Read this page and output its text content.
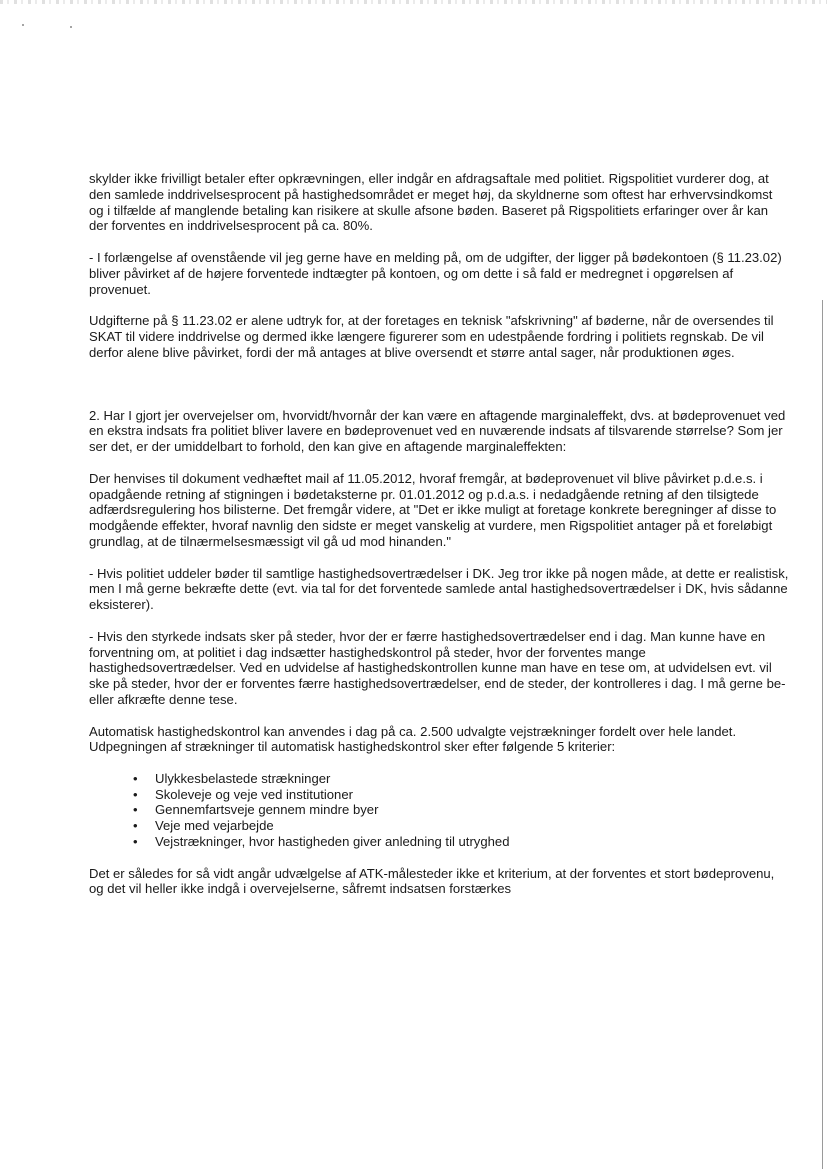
skylder ikke frivilligt betaler efter opkrævningen, eller indgår en afdragsaftale med politiet. Rigspolitiet vurderer dog, at den samlede inddrivelsesprocent på hastighedsområdet er meget høj, da skyldnerne som oftest har erhvervsindkomst og i tilfælde af manglende betaling kan risikere at skulle afsone bøden. Baseret på Rigspolitiets erfaringer over år kan der forventes en inddrivelsesprocent på ca. 80%.

- I forlængelse af ovenstående vil jeg gerne have en melding på, om de udgifter, der ligger på bødekontoen (§ 11.23.02) bliver påvirket af de højere forventede indtægter på kontoen, og om dette i så fald er medregnet i opgørelsen af provenuet.

Udgifterne på § 11.23.02 er alene udtryk for, at der foretages en teknisk "afskrivning" af bøderne, når de oversendes til SKAT til videre inddrivelse og dermed ikke længere figurerer som en udestpående fordring i politiets regnskab. De vil derfor alene blive påvirket, fordi der må antages at blive oversendt et større antal sager, når produktionen øges.

2. Har I gjort jer overvejelser om, hvorvidt/hvornår der kan være en aftagende marginaleffekt, dvs. at bødeprovenuet ved en ekstra indsats fra politiet bliver lavere en bødeprovenuet ved en nuværende indsats af tilsvarende størrelse? Som jer ser det, er der umiddelbart to forhold, den kan give en aftagende marginaleffekten:

Der henvises til dokument vedhæftet mail af 11.05.2012, hvoraf fremgår, at bødeprovenuet vil blive påvirket p.d.e.s. i opadgående retning af stigningen i bødetaksterne pr. 01.01.2012 og p.d.a.s. i nedadgående retning af den tilsigtede adfærdsregulering hos bilisterne. Det fremgår videre, at "Det er ikke muligt at foretage konkrete beregninger af disse to modgående effekter, hvoraf navnlig den sidste er meget vanskelig at vurdere, men Rigspolitiet antager på et foreløbigt grundlag, at de tilnærmelsesmæssigt vil gå ud mod hinanden."

- Hvis politiet uddeler bøder til samtlige hastighedsovertrædelser i DK. Jeg tror ikke på nogen måde, at dette er realistisk, men I må gerne bekræfte dette (evt. via tal for det forventede samlede antal hastighedsovertrædelser i DK, hvis sådanne eksisterer).

- Hvis den styrkede indsats sker på steder, hvor der er færre hastighedsovertrædelser end i dag. Man kunne have en forventning om, at politiet i dag indsætter hastighedskontrol på steder, hvor der forventes mange hastighedsovertrædelser. Ved en udvidelse af hastighedskontrollen kunne man have en tese om, at udvidelsen evt. vil ske på steder, hvor der er forventes færre hastighedsovertrædelser, end de steder, der kontrolleres i dag. I må gerne be- eller afkræfte denne tese.

Automatisk hastighedskontrol kan anvendes i dag på ca. 2.500 udvalgte vejstrækninger fordelt over hele landet. Udpegningen af strækninger til automatisk hastighedskontrol sker efter følgende 5 kriterier:

• Ulykkesbelastede strækninger
• Skoleveje og veje ved institutioner
• Gennemfartsveje gennem mindre byer
• Veje med vejarbejde
• Vejstrækninger, hvor hastigheden giver anledning til utryghed

Det er således for så vidt angår udvælgelse af ATK-målesteder ikke et kriterium, at der forventes et stort bødeprovenu, og det vil heller ikke indgå i overvejelserne, såfremt indsatsen forstærkes
